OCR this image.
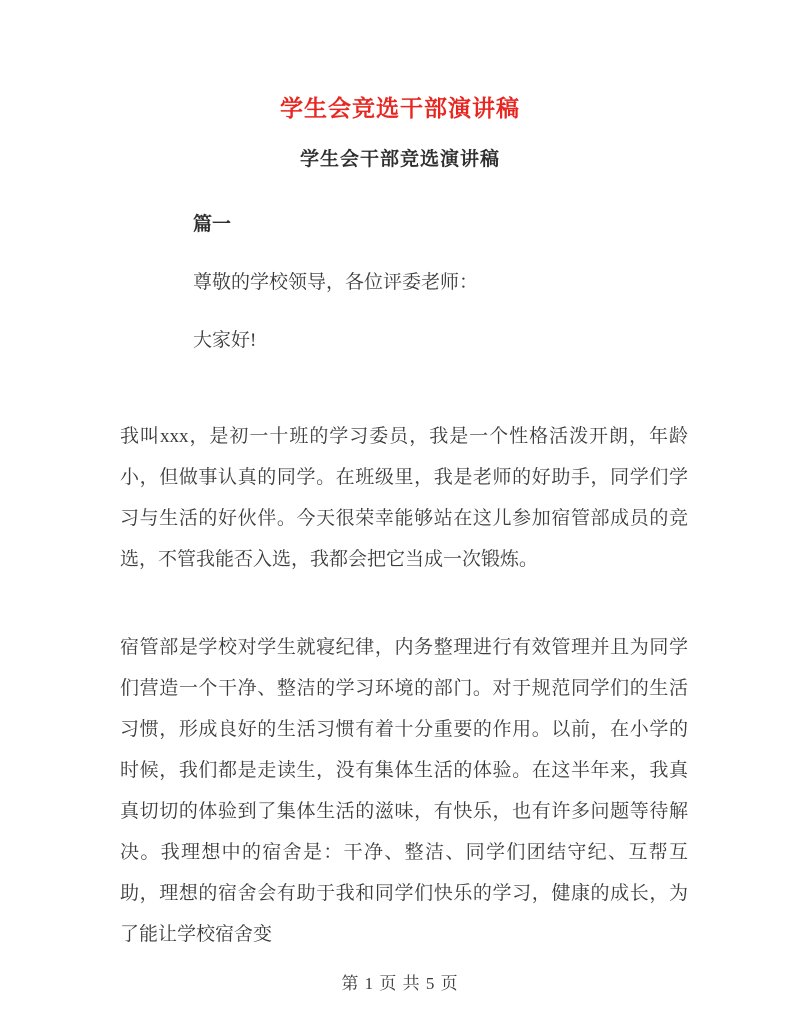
学生会竞选干部演讲稿
学生会干部竞选演讲稿

篇一

尊敬的学校领导，各位评委老师：

大家好!

我叫xxx，是初一十班的学习委员，我是一个性格活泼开朗，年龄小，但做事认真的同学。在班级里，我是老师的好助手，同学们学习与生活的好伙伴。今天很荣幸能够站在这儿参加宿管部成员的竞选，不管我能否入选，我都会把它当成一次锻炼。

宿管部是学校对学生就寝纪律，内务整理进行有效管理并且为同学们营造一个干净、整洁的学习环境的部门。对于规范同学们的生活习惯，形成良好的生活习惯有着十分重要的作用。以前，在小学的时候，我们都是走读生，没有集体生活的体验。在这半年来，我真真切切的体验到了集体生活的滋味，有快乐，也有许多问题等待解决。我理想中的宿舍是：干净、整洁、同学们团结守纪、互帮互助，理想的宿舍会有助于我和同学们快乐的学习，健康的成长，为了能让学校宿舍变

第 1 页 共 5 页
